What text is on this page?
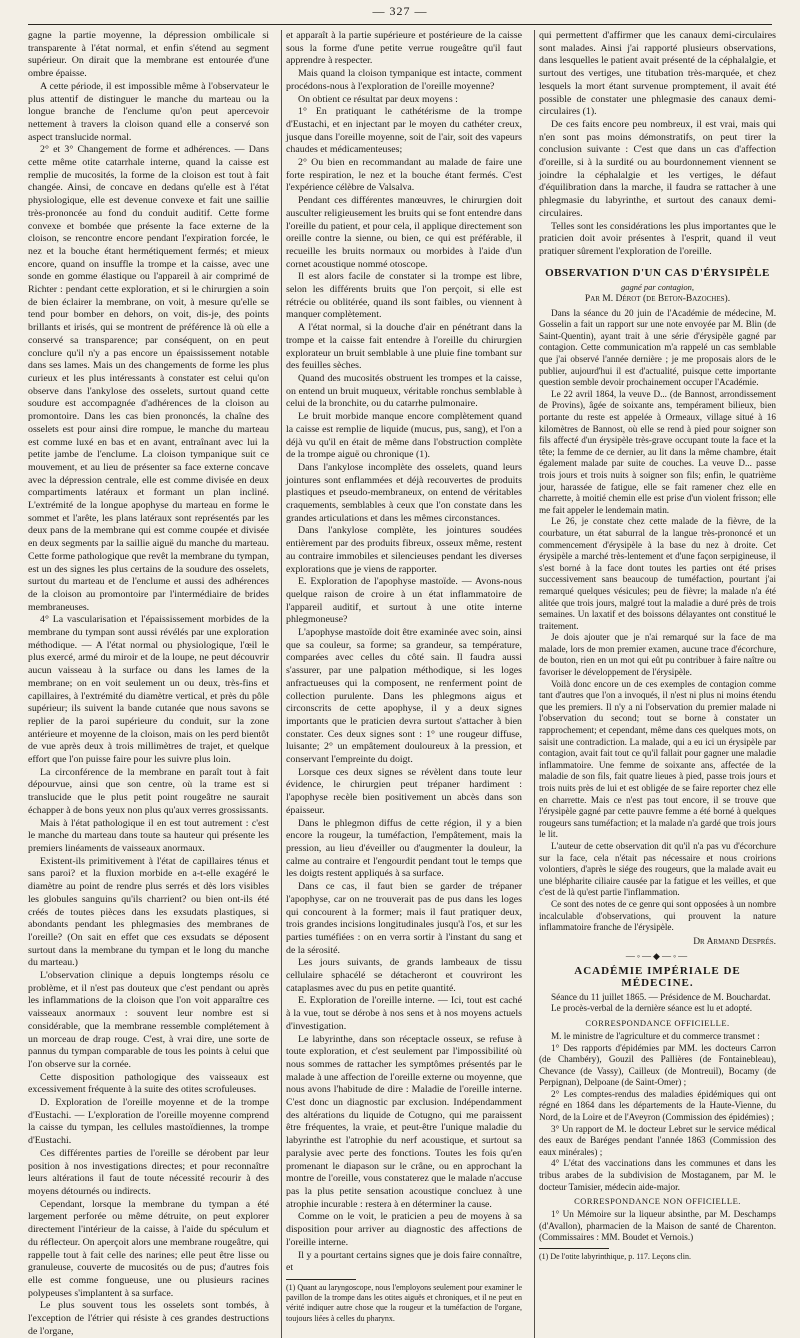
— 327 —

gagne la partie moyenne, la dépression ombilicale si transparente à l'état normal, et enfin s'étend au segment supérieur. On dirait que la membrane est entourée d'une ombre épaisse.

A cette période, il est impossible même à l'observateur le plus attentif de distinguer le manche du marteau ou la longue branche de l'enclume qu'on peut apercevoir nettement à travers la cloison quand elle a conservé son aspect translucide normal.

2° et 3° Changement de forme et adhérences. — Dans cette même otite catarrhale interne, quand la caisse est remplie de mucosités, la forme de la cloison est tout à fait changée. Ainsi, de concave en dedans qu'elle est à l'état physiologique, elle est devenue convexe et fait une saillie très-prononcée au fond du conduit auditif. Cette forme convexe et bombée que présente la face externe de la cloison, se rencontre encore pendant l'expiration forcée, le nez et la bouche étant hermétiquement fermés; et mieux encore, quand on insuffle la trompe et la caisse, avec une sonde en gomme élastique ou l'appareil à air comprimé de Richter : pendant cette exploration, et si le chirurgien a soin de bien éclairer la membrane, on voit, à mesure qu'elle se tend pour bomber en dehors, on voit, dis-je, des points brillants et irisés, qui se montrent de préférence là où elle a conservé sa transparence; par conséquent, on en peut conclure qu'il n'y a pas encore un épaississement notable dans ses lames. Mais un des changements de forme les plus curieux et les plus intéressants à constater est celui qu'on observe dans l'ankylose des osselets, surtout quand cette soudure est accompagnée d'adhérences de la cloison au promontoire. Dans les cas bien prononcés, la chaîne des osselets est pour ainsi dire rompue, le manche du marteau est comme luxé en bas et en avant, entraînant avec lui la petite jambe de l'enclume. La cloison tympanique suit ce mouvement, et au lieu de présenter sa face externe concave avec la dépression centrale, elle est comme divisée en deux compartiments latéraux et formant un plan incliné. L'extrémité de la longue apophyse du marteau en forme le sommet et l'arête, les plans latéraux sont représentés par les deux pans de la membrane qui est comme coupée et divisée en deux segments par la saillie aiguë du manche du marteau. Cette forme pathologique que revêt la membrane du tympan, est un des signes les plus certains de la soudure des osselets, surtout du marteau et de l'enclume et aussi des adhérences de la cloison au promontoire par l'intermédiaire de brides membraneuses.

4° La vascularisation et l'épaississement morbides de la membrane du tympan sont aussi révélés par une exploration méthodique. — A l'état normal ou physiologique, l'œil le plus exercé, armé du miroir et de la loupe, ne peut découvrir aucun vaisseau à la surface ou dans les lames de la membrane; on en voit seulement un ou deux, très-fins et capillaires, à l'extrémité du diamètre vertical, et près du pôle supérieur; ils suivent la bande cutanée que nous savons se replier de la paroi supérieure du conduit, sur la zone antérieure et moyenne de la cloison, mais on les perd bientôt de vue après deux à trois millimètres de trajet, et quelque effort que l'on puisse faire pour les suivre plus loin.

La circonférence de la membrane en paraît tout à fait dépourvue, ainsi que son centre, où la trame est si translucide que le plus petit point rougeâtre ne saurait échapper à de bons yeux non plus qu'aux verres grossissants.

Mais à l'état pathologique il en est tout autrement : c'est le manche du marteau dans toute sa hauteur qui présente les premiers linéaments de vaisseaux anormaux.

Existent-ils primitivement à l'état de capillaires ténus et sans paroi? et la fluxion morbide en a-t-elle exagéré le diamètre au point de rendre plus serrés et dès lors visibles les globules sanguins qu'ils charrient? ou bien ont-ils été créés de toutes pièces dans les exsudats plastiques, si abondants pendant les phlegmasies des membranes de l'oreille? (On sait en effet que ces exsudats se déposent surtout dans la membrane du tympan et le long du manche du marteau.)

L'observation clinique a depuis longtemps résolu ce problème, et il n'est pas douteux que c'est pendant ou après les inflammations de la cloison que l'on voit apparaître ces vaisseaux anormaux : souvent leur nombre est si considérable, que la membrane ressemble complétement à un morceau de drap rouge. C'est, à vrai dire, une sorte de pannus du tympan comparable de tous les points à celui que l'on observe sur la cornée.

Cette disposition pathologique des vaisseaux est excessivement fréquente à la suite des otites scrofuleuses.

D. Exploration de l'oreille moyenne et de la trompe d'Eustachi. — L'exploration de l'oreille moyenne comprend la caisse du tympan, les cellules mastoïdiennes, la trompe d'Eustachi.

Ces différentes parties de l'oreille se dérobent par leur position à nos investigations directes; et pour reconnaître leurs altérations il faut de toute nécessité recourir à des moyens détournés ou indirects.

Cependant, lorsque la membrane du tympan a été largement perforée ou même détruite, on peut explorer directement l'intérieur de la caisse, à l'aide du spéculum et du réflecteur. On aperçoit alors une membrane rougeâtre, qui rappelle tout à fait celle des narines; elle peut être lisse ou granuleuse, couverte de mucosités ou de pus; d'autres fois elle est comme fongueuse, une ou plusieurs racines polypeuses s'implantent à sa surface.

Le plus souvent tous les osselets sont tombés, à l'exception de l'étrier qui résiste à ces grandes destructions de l'organe,

et apparaît à la partie supérieure et postérieure de la caisse sous la forme d'une petite verrue rougeâtre qu'il faut apprendre à respecter.

Mais quand la cloison tympanique est intacte, comment procédons-nous à l'exploration de l'oreille moyenne?

On obtient ce résultat par deux moyens :

1° En pratiquant le cathétérisme de la trompe d'Eustachi, et en injectant par le moyen du cathéter creux, jusque dans l'oreille moyenne, soit de l'air, soit des vapeurs chaudes et médicamenteuses;

2° Ou bien en recommandant au malade de faire une forte respiration, le nez et la bouche étant fermés. C'est l'expérience célèbre de Valsalva.

Pendant ces différentes manœuvres, le chirurgien doit ausculter religieusement les bruits qui se font entendre dans l'oreille du patient, et pour cela, il applique directement son oreille contre la sienne, ou bien, ce qui est préférable, il recueille les bruits normaux ou morbides à l'aide d'un cornet acoustique nommé otoscope.

Il est alors facile de constater si la trompe est libre, selon les différents bruits que l'on perçoit, si elle est rétrécie ou oblitérée, quand ils sont faibles, ou viennent à manquer complètement.

A l'état normal, si la douche d'air en pénétrant dans la trompe et la caisse fait entendre à l'oreille du chirurgien explorateur un bruit semblable à une pluie fine tombant sur des feuilles sèches.

Quand des mucosités obstruent les trompes et la caisse, on entend un bruit muqueux, véritable ronchus semblable à celui de la bronchite, ou du catarrhe pulmonaire.

Le bruit morbide manque encore complètement quand la caisse est remplie de liquide (mucus, pus, sang), et l'on a déjà vu qu'il en était de même dans l'obstruction complète de la trompe aiguë ou chronique (1).

Dans l'ankylose incomplète des osselets, quand leurs jointures sont enflammées et déjà recouvertes de produits plastiques et pseudo-membraneux, on entend de véritables craquements, semblables à ceux que l'on constate dans les grandes articulations et dans les mêmes circonstances.

Dans l'ankylose complète, les jointures soudées entièrement par des produits fibreux, osseux même, restent au contraire immobiles et silencieuses pendant les diverses explorations que je viens de rapporter.

E. Exploration de l'apophyse mastoïde. — Avons-nous quelque raison de croire à un état inflammatoire de l'appareil auditif, et surtout à une otite interne phlegmoneuse?

L'apophyse mastoïde doit être examinée avec soin, ainsi que sa couleur, sa forme; sa grandeur, sa température, comparées avec celles du côté sain. Il faudra aussi s'assurer, par une palpation méthodique, si les loges anfractueuses qui la composent, ne renferment point de collection purulente. Dans les phlegmons aigus et circonscrits de cette apophyse, il y a deux signes importants que le praticien devra surtout s'attacher à bien constater. Ces deux signes sont : 1° une rougeur diffuse, luisante; 2° un empâtement douloureux à la pression, et conservant l'empreinte du doigt.

Lorsque ces deux signes se révèlent dans toute leur évidence, le chirurgien peut trépaner hardiment : l'apophyse recèle bien positivement un abcès dans son épaisseur.

Dans le phlegmon diffus de cette région, il y a bien encore la rougeur, la tuméfaction, l'empâtement, mais la pression, au lieu d'éveiller ou d'augmenter la douleur, la calme au contraire et l'engourdit pendant tout le temps que les doigts restent appliqués à sa surface.

Dans ce cas, il faut bien se garder de trépaner l'apophyse, car on ne trouverait pas de pus dans les loges qui concourent à la former; mais il faut pratiquer deux, trois grandes incisions longitudinales jusqu'à l'os, et sur les parties tuméfiées : on en verra sortir à l'instant du sang et de la sérosité.

Les jours suivants, de grands lambeaux de tissu cellulaire sphacélé se détacheront et couvriront les cataplasmes avec du pus en petite quantité.

E. Exploration de l'oreille interne. — Ici, tout est caché à la vue, tout se dérobe à nos sens et à nos moyens actuels d'investigation.

Le labyrinthe, dans son réceptacle osseux, se refuse à toute exploration, et c'est seulement par l'impossibilité où nous sommes de rattacher les symptômes présentés par le malade à une affection de l'oreille externe ou moyenne, que nous avons l'habitude de dire : Maladie de l'oreille interne. C'est donc un diagnostic par exclusion. Indépendamment des altérations du liquide de Cotugno, qui me paraissent être fréquentes, la vraie, et peut-être l'unique maladie du labyrinthe est l'atrophie du nerf acoustique, et surtout sa paralysie avec perte des fonctions. Toutes les fois qu'en promenant le diapason sur le crâne, ou en approchant la montre de l'oreille, vous constaterez que le malade n'accuse pas la plus petite sensation acoustique concluez à une atrophie incurable : restera à en déterminer la cause.

Comme on le voit, le praticien a peu de moyens à sa disposition pour arriver au diagnostic des affections de l'oreille interne.

Il y a pourtant certains signes que je dois faire connaître, et

(1) Quant au laryngoscope, nous l'employons seulement pour examiner le pavillon de la trompe dans les otites aiguës et chroniques, et il ne peut en vérité indiquer autre chose que la rougeur et la tuméfaction de l'organe, toujours liées à celles du pharynx.

qui permettent d'affirmer que les canaux demi-circulaires sont malades. Ainsi j'ai rapporté plusieurs observations, dans lesquelles le patient avait présenté de la céphalalgie, et surtout des vertiges, une titubation très-marquée, et chez lesquels la mort étant survenue promptement, il avait été possible de constater une phlegmasie des canaux demi-circulaires (1).

De ces faits encore peu nombreux, il est vrai, mais qui n'en sont pas moins démonstratifs, on peut tirer la conclusion suivante : C'est que dans un cas d'affection d'oreille, si à la surdité ou au bourdonnement viennent se joindre la céphalalgie et les vertiges, le défaut d'équilibration dans la marche, il faudra se rattacher à une phlegmasie du labyrinthe, et surtout des canaux demi-circulaires.

Telles sont les considérations les plus importantes que le praticien doit avoir présentes à l'esprit, quand il veut pratiquer sûrement l'exploration de l'oreille.

OBSERVATION D'UN CAS D'ÉRYSIPÈLE
gagné par contagion,
Par M. Dérot (de Beton-Bazoches).

Dans la séance du 20 juin de l'Académie de médecine, M. Gosselin a fait un rapport sur une note envoyée par M. Blin (de Saint-Quentin), ayant trait à une série d'érysipèle gagné par contagion. Cette communication m'a rappelé un cas semblable que j'ai observé l'année dernière ; je me proposais alors de le publier, aujourd'hui il est d'actualité, puisque cette importante question semble devoir prochainement occuper l'Académie.

Le 22 avril 1864, la veuve D... (de Bannost, arrondissement de Provins), âgée de soixante ans, tempérament bilieux, bien portante du reste est appelée à Ormeaux, village situé à 16 kilomètres de Bannost, où elle se rend à pied pour soigner son fils affecté d'un érysipèle très-grave occupant toute la face et la tête; la femme de ce dernier, au lit dans la même chambre, était également malade par suite de couches. La veuve D... passe trois jours et trois nuits à soigner son fils; enfin, le quatrième jour, harassée de fatigue, elle se fait ramener chez elle en charrette, à moitié chemin elle est prise d'un violent frisson; elle me fait appeler le lendemain matin.

Le 26, je constate chez cette malade de la fièvre, de la courbature, un état saburral de la langue très-prononcé et un commencement d'érysipèle à la base du nez à droite. Cet érysipèle a marché très-lentement et d'une façon serpigineuse, il s'est borné à la face dont toutes les parties ont été prises successivement sans beaucoup de tuméfaction, pourtant j'ai remarqué quelques vésicules; peu de fièvre; la malade n'a été alitée que trois jours, malgré tout la maladie a duré près de trois semaines. Un laxatif et des boissons délayantes ont constitué le traitement.

Je dois ajouter que je n'ai remarqué sur la face de ma malade, lors de mon premier examen, aucune trace d'écorchure, de bouton, rien en un mot qui eût pu contribuer à faire naître ou favoriser le développement de l'érysipèle.

Voilà donc encore un de ces exemples de contagion comme tant d'autres que l'on a invoqués, il n'est ni plus ni moins étendu que les premiers. Il n'y a ni l'observation du premier malade ni l'observation du second; tout se borne à constater un rapprochement; et cependant, même dans ces quelques mots, on saisit une contradiction. La malade, qui a eu ici un érysipèle par contagion, avait fait tout ce qu'il fallait pour gagner une maladie inflammatoire. Une femme de soixante ans, affectée de la maladie de son fils, fait quatre lieues à pied, passe trois jours et trois nuits près de lui et est obligée de se faire reporter chez elle en charrette. Mais ce n'est pas tout encore, il se trouve que l'érysipèle gagné par cette pauvre femme a été borné à quelques rougeurs sans tuméfaction; et la malade n'a gardé que trois jours le lit.

L'auteur de cette observation dit qu'il n'a pas vu d'écorchure sur la face, cela n'était pas nécessaire et nous croirions volontiers, d'après le siége des rougeurs, que la malade avait eu une blépharite ciliaire causée par la fatigue et les veilles, et que c'est de là qu'est partie l'inflammation.

Ce sont des notes de ce genre qui sont opposées à un nombre incalculable d'observations, qui prouvent la nature inflammatoire franche de l'érysipèle.

Dr Armand Després.
—◦—◆—◦—
ACADÉMIE IMPÉRIALE DE MÉDECINE.

Séance du 11 juillet 1865. — Présidence de M. Bouchardat.

Le procès-verbal de la dernière séance est lu et adopté.

CORRESPONDANCE OFFICIELLE.

M. le ministre de l'agriculture et du commerce transmet :

1° Des rapports d'épidémies par MM. les docteurs Carron (de Chambéry), Gouzil des Pallières (de Fontainebleau), Chevance (de Vassy), Cailleux (de Montreuil), Bocamy (de Perpignan), Delpoane (de Saint-Omer) ;

2° Les comptes-rendus des maladies épidémiques qui ont régné en 1864 dans les départements de la Haute-Vienne, du Nord, de la Loire et de l'Aveyron (Commission des épidémies) ;

3° Un rapport de M. le docteur Lebret sur le service médical des eaux de Baréges pendant l'année 1863 (Commission des eaux minérales) ;

4° L'état des vaccinations dans les communes et dans les tribus arabes de la subdivision de Mostaganem, par M. le docteur Tamisier, médecin aide-major.

CORRESPONDANCE NON OFFICIELLE.

1° Un Mémoire sur la liqueur absinthe, par M. Deschamps (d'Avallon), pharmacien de la Maison de santé de Charenton. (Commissaires : MM. Boudet et Vernois.)

(1) De l'otite labyrinthique, p. 117. Leçons clin.
